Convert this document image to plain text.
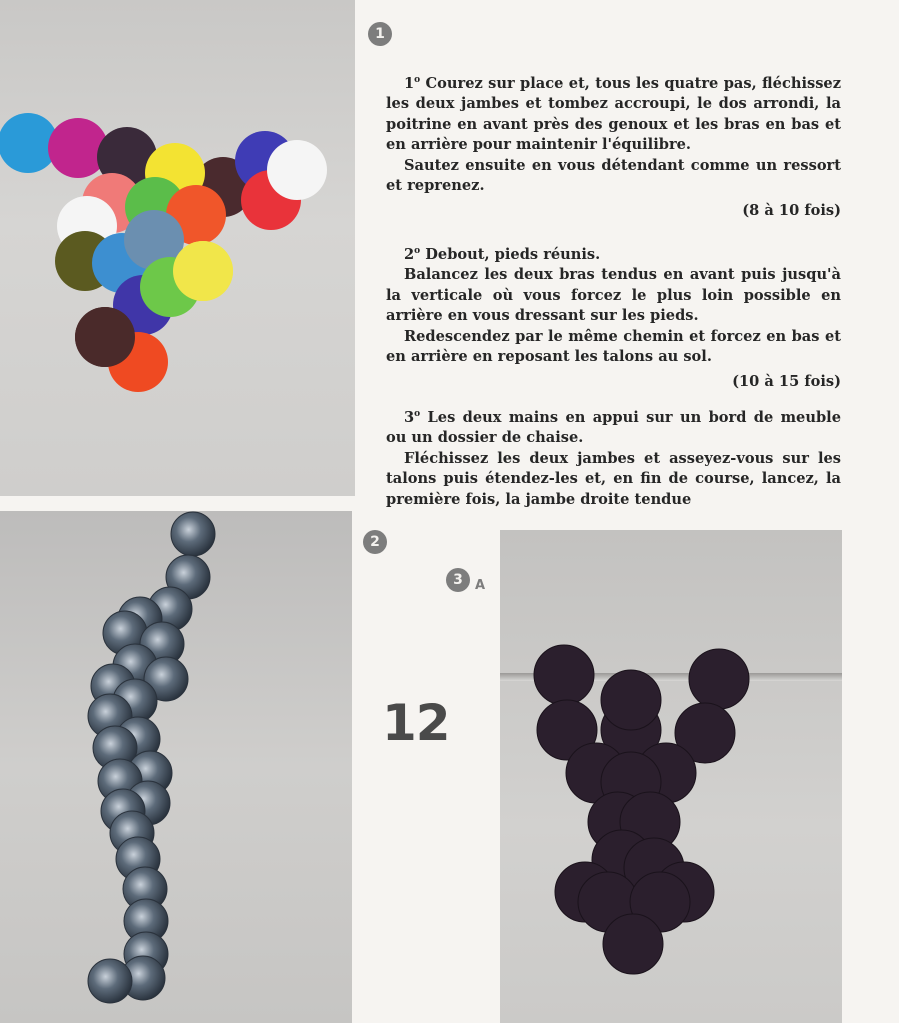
1
2
3 A
12

1$^o$ Courez sur place et, tous les quatre pas, fléchissez les deux jambes et tombez accroupi, le dos arrondi, la poitrine en avant près des genoux et les bras en bas et en arrière pour maintenir l'équilibre.

Sautez ensuite en vous détendant comme un ressort et reprenez.

(8 à 10 fois)

2$^o$ Debout, pieds réunis.

Balancez les deux bras tendus en avant puis jusqu'à la verticale où vous forcez le plus loin possible en arrière en vous dressant sur les pieds.

Redescendez par le même chemin et forcez en bas et en arrière en reposant les talons au sol.

(10 à 15 fois)

3$^o$ Les deux mains en appui sur un bord de meuble ou un dossier de chaise.

Fléchissez les deux jambes et asseyez-vous sur les talons puis étendez-les et, en fin de course, lancez, la première fois, la jambe droite tendue
